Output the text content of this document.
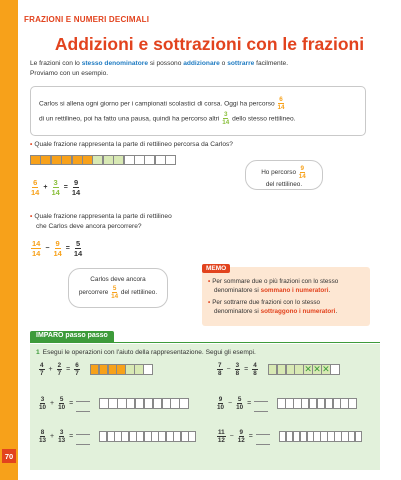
70
FRAZIONI E NUMERI DECIMALI
Addizioni e sottrazioni con le frazioni
Le frazioni con lo stesso denominatore si possono addizionare o sottrarre facilmente.
Proviamo con un esempio.
Carlos si allena ogni giorno per i campionati scolastici di corsa. Oggi ha percorso $\frac{6}{14}$

di un rettilineo, poi ha fatto una pausa, quindi ha percorso altri $\frac{3}{14}$ dello stesso rettilineo.
• Quale frazione rappresenta la parte di rettilineo percorsa da Carlos?
Ho percorso $\frac{9}{14}$

del rettilineo.
$\frac{6}{14} + \frac{3}{14} = \frac{9}{14}$
• Quale frazione rappresenta la parte di rettilineo
che Carlos deve ancora percorrere?
$\frac{14}{14} - \frac{9}{14} = \frac{5}{14}$
Carlos deve ancora
percorrere $\frac{5}{14}$ del rettilineo.
MEMO
• Per sommare due o più frazioni con lo stesso
denominatore si sommano i numeratori.
• Per sottrarre due frazioni con lo stesso
denominatore si sottraggono i numeratori.
IMPARO passo passo
1 Esegui le operazioni con l'aiuto della rappresentazione. Segui gli esempi.
$\frac{4}{7} + \frac{2}{7} = \frac{6}{7}$
$\frac{3}{10} + \frac{5}{10}$ =
$\frac{8}{13} + \frac{3}{13}$ =
$\frac{7}{8} - \frac{3}{8} = \frac{4}{8}$	✕ ✕ ✕
$\frac{9}{10} - \frac{5}{10}$ =
$\frac{11}{12} - \frac{9}{12}$ =
